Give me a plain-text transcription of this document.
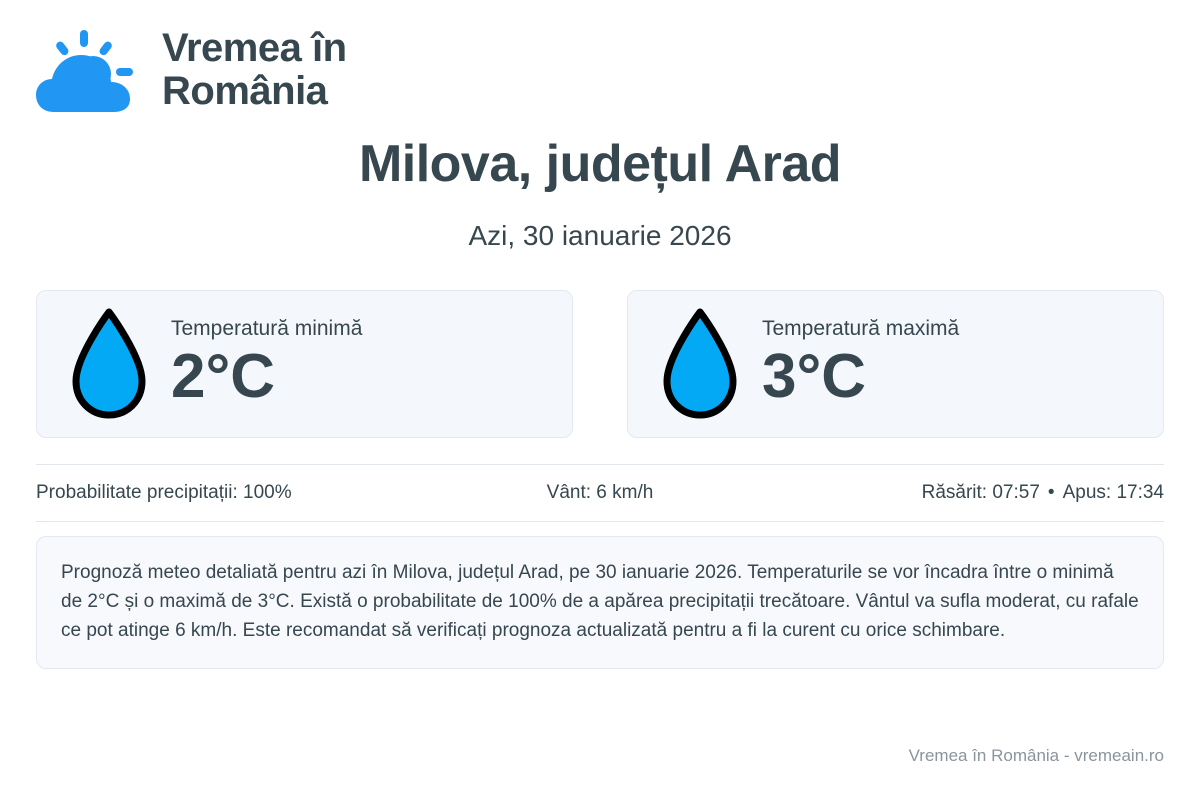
Vremea în România
Milova, județul Arad
Azi, 30 ianuarie 2026
Temperatură minimă
2°C
Temperatură maximă
3°C
Probabilitate precipitații: 100%	Vânt: 6 km/h	Răsărit: 07:57 • Apus: 17:34
Prognoză meteo detaliată pentru azi în Milova, județul Arad, pe 30 ianuarie 2026. Temperaturile se vor încadra între o minimă de 2°C și o maximă de 3°C. Există o probabilitate de 100% de a apărea precipitații trecătoare. Vântul va sufla moderat, cu rafale ce pot atinge 6 km/h. Este recomandat să verificați prognoza actualizată pentru a fi la curent cu orice schimbare.
Vremea în România - vremeain.ro
